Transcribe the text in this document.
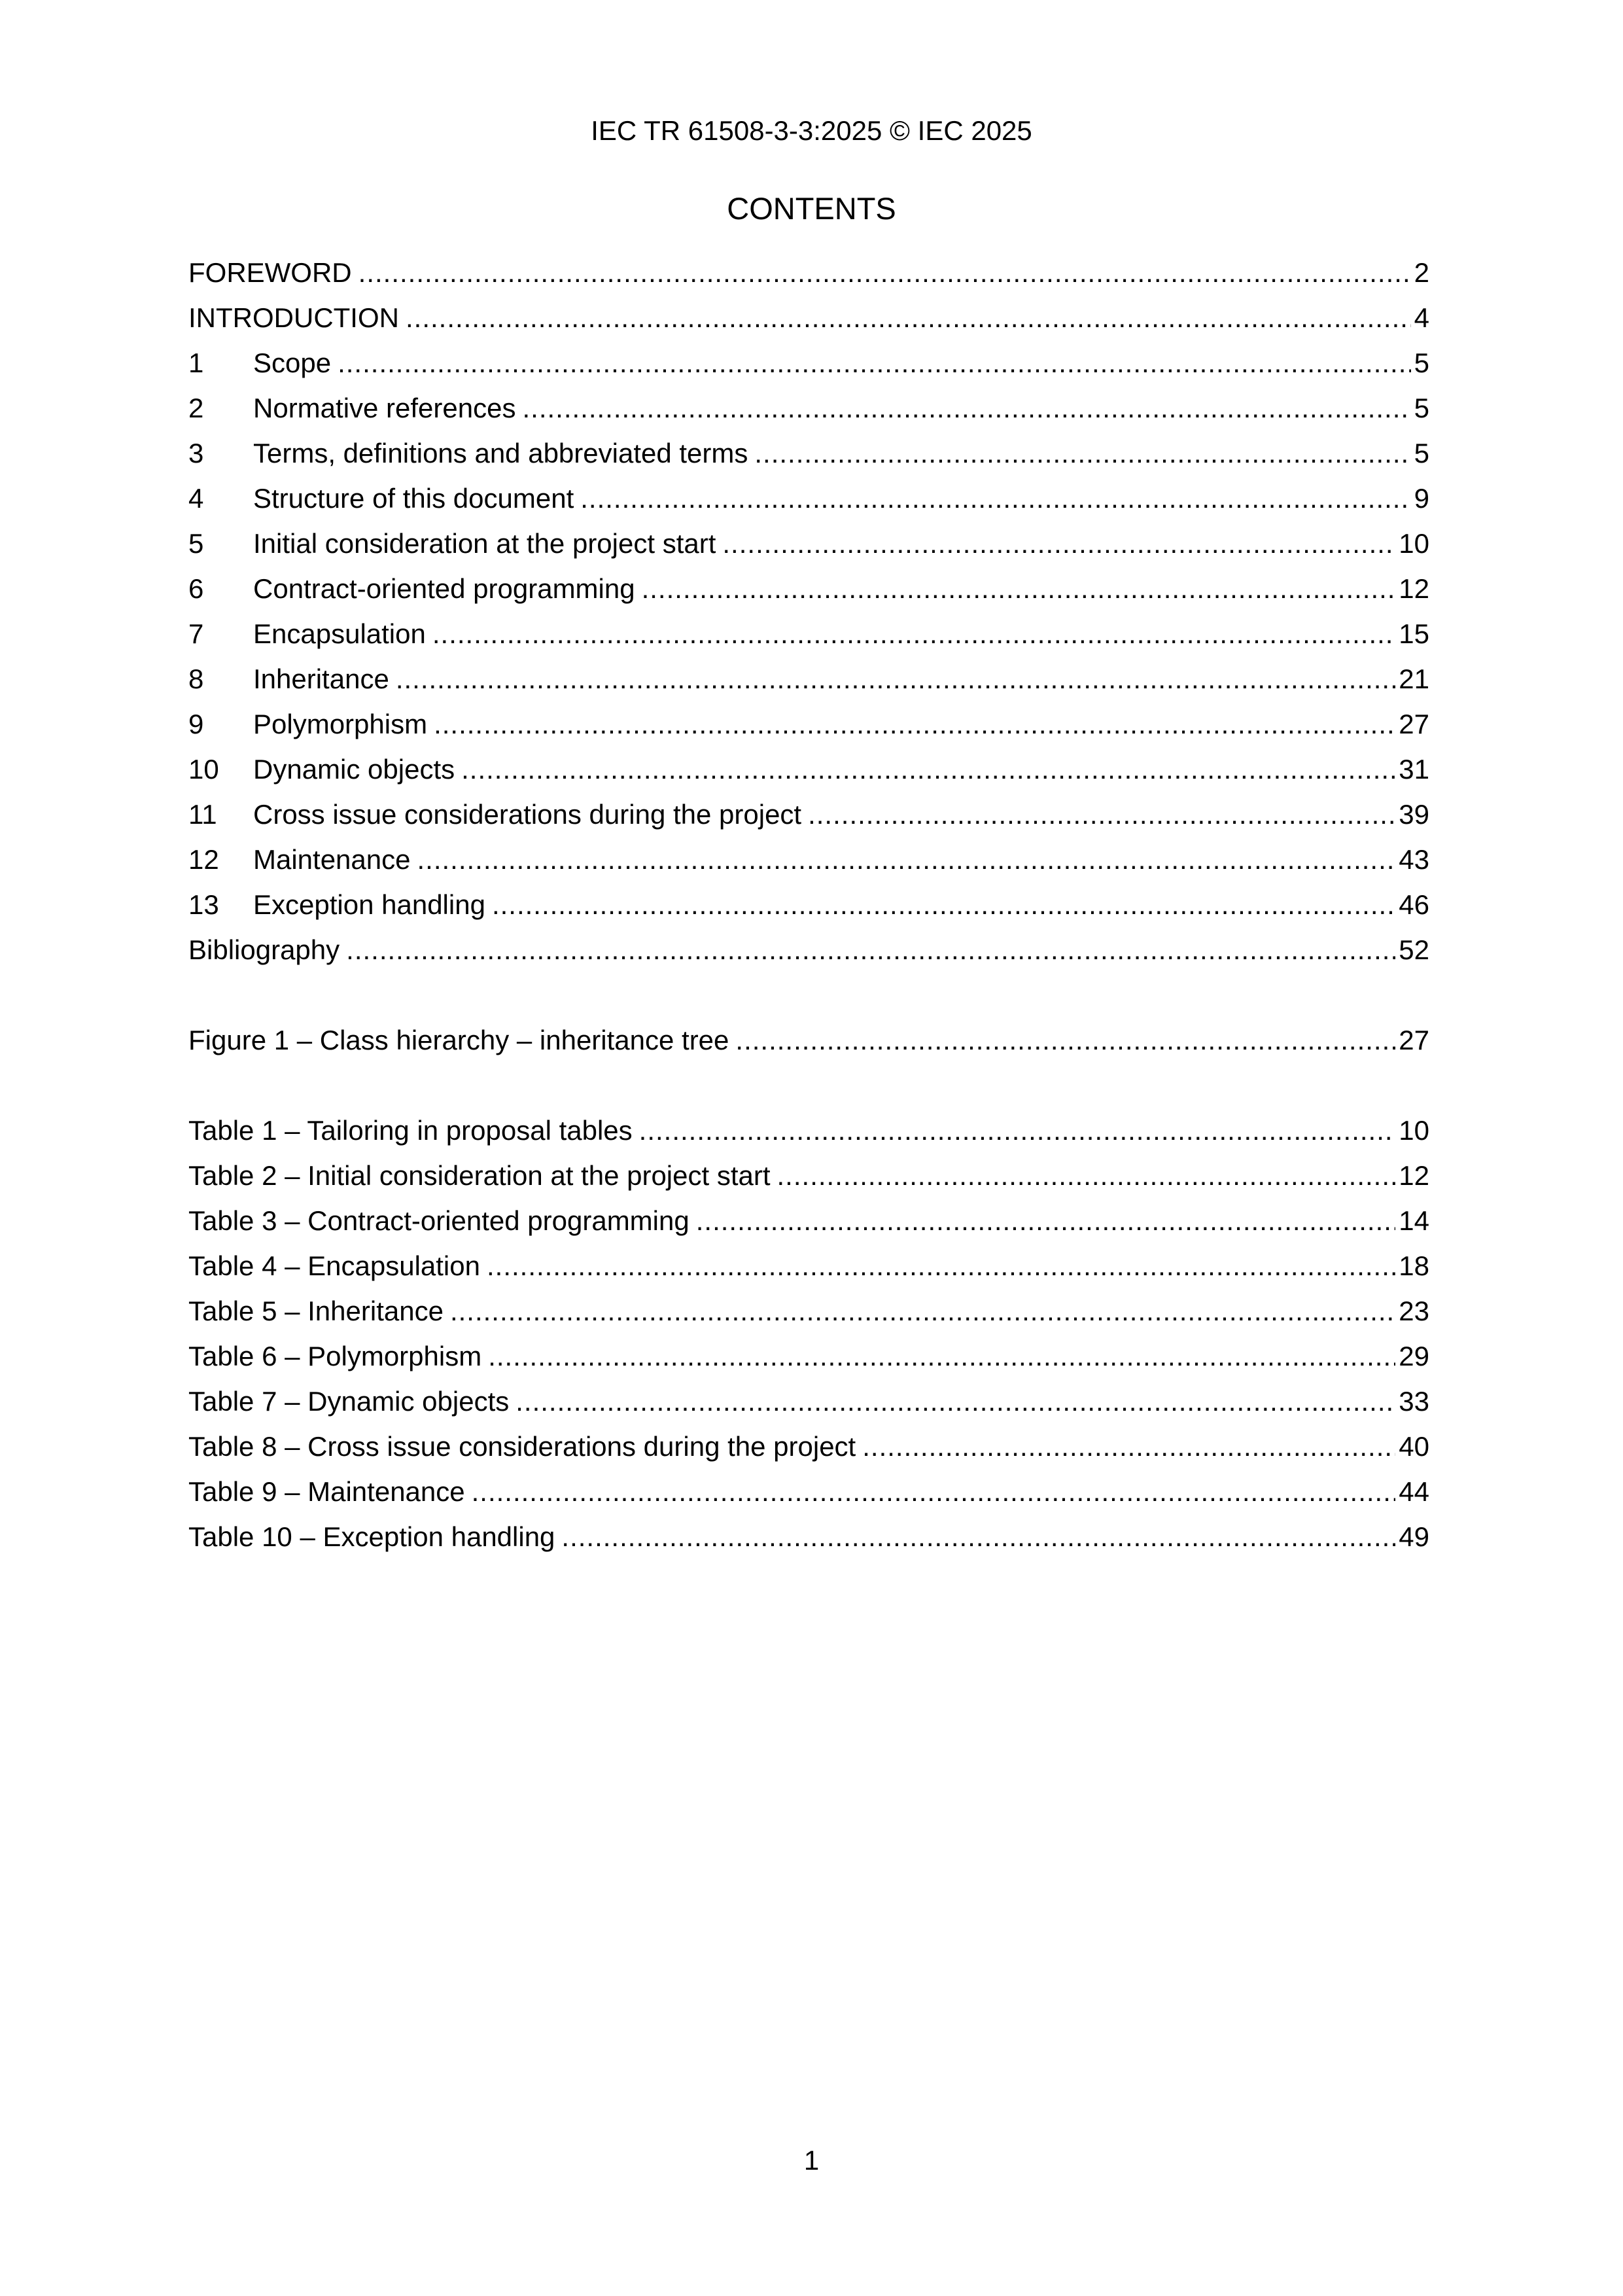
IEC TR 61508-3-3:2025 © IEC 2025
CONTENTS
FOREWORD .....	2
INTRODUCTION .....	4
1	Scope .....	5
2	Normative references .....	5
3	Terms, definitions and abbreviated terms .....	5
4	Structure of this document .....	9
5	Initial consideration at the project start .....	10
6	Contract-oriented programming .....	12
7	Encapsulation .....	15
8	Inheritance .....	21
9	Polymorphism .....	27
10	Dynamic objects .....	31
11	Cross issue considerations during the project .....	39
12	Maintenance .....	43
13	Exception handling .....	46
Bibliography .....	52
Figure 1 – Class hierarchy – inheritance tree .....	27
Table 1 – Tailoring in proposal tables .....	10
Table 2 – Initial consideration at the project start .....	12
Table 3 – Contract-oriented programming .....	14
Table 4 – Encapsulation .....	18
Table 5 – Inheritance .....	23
Table 6 – Polymorphism .....	29
Table 7 – Dynamic objects .....	33
Table 8 – Cross issue considerations during the project .....	40
Table 9 – Maintenance .....	44
Table 10 – Exception handling .....	49
1
